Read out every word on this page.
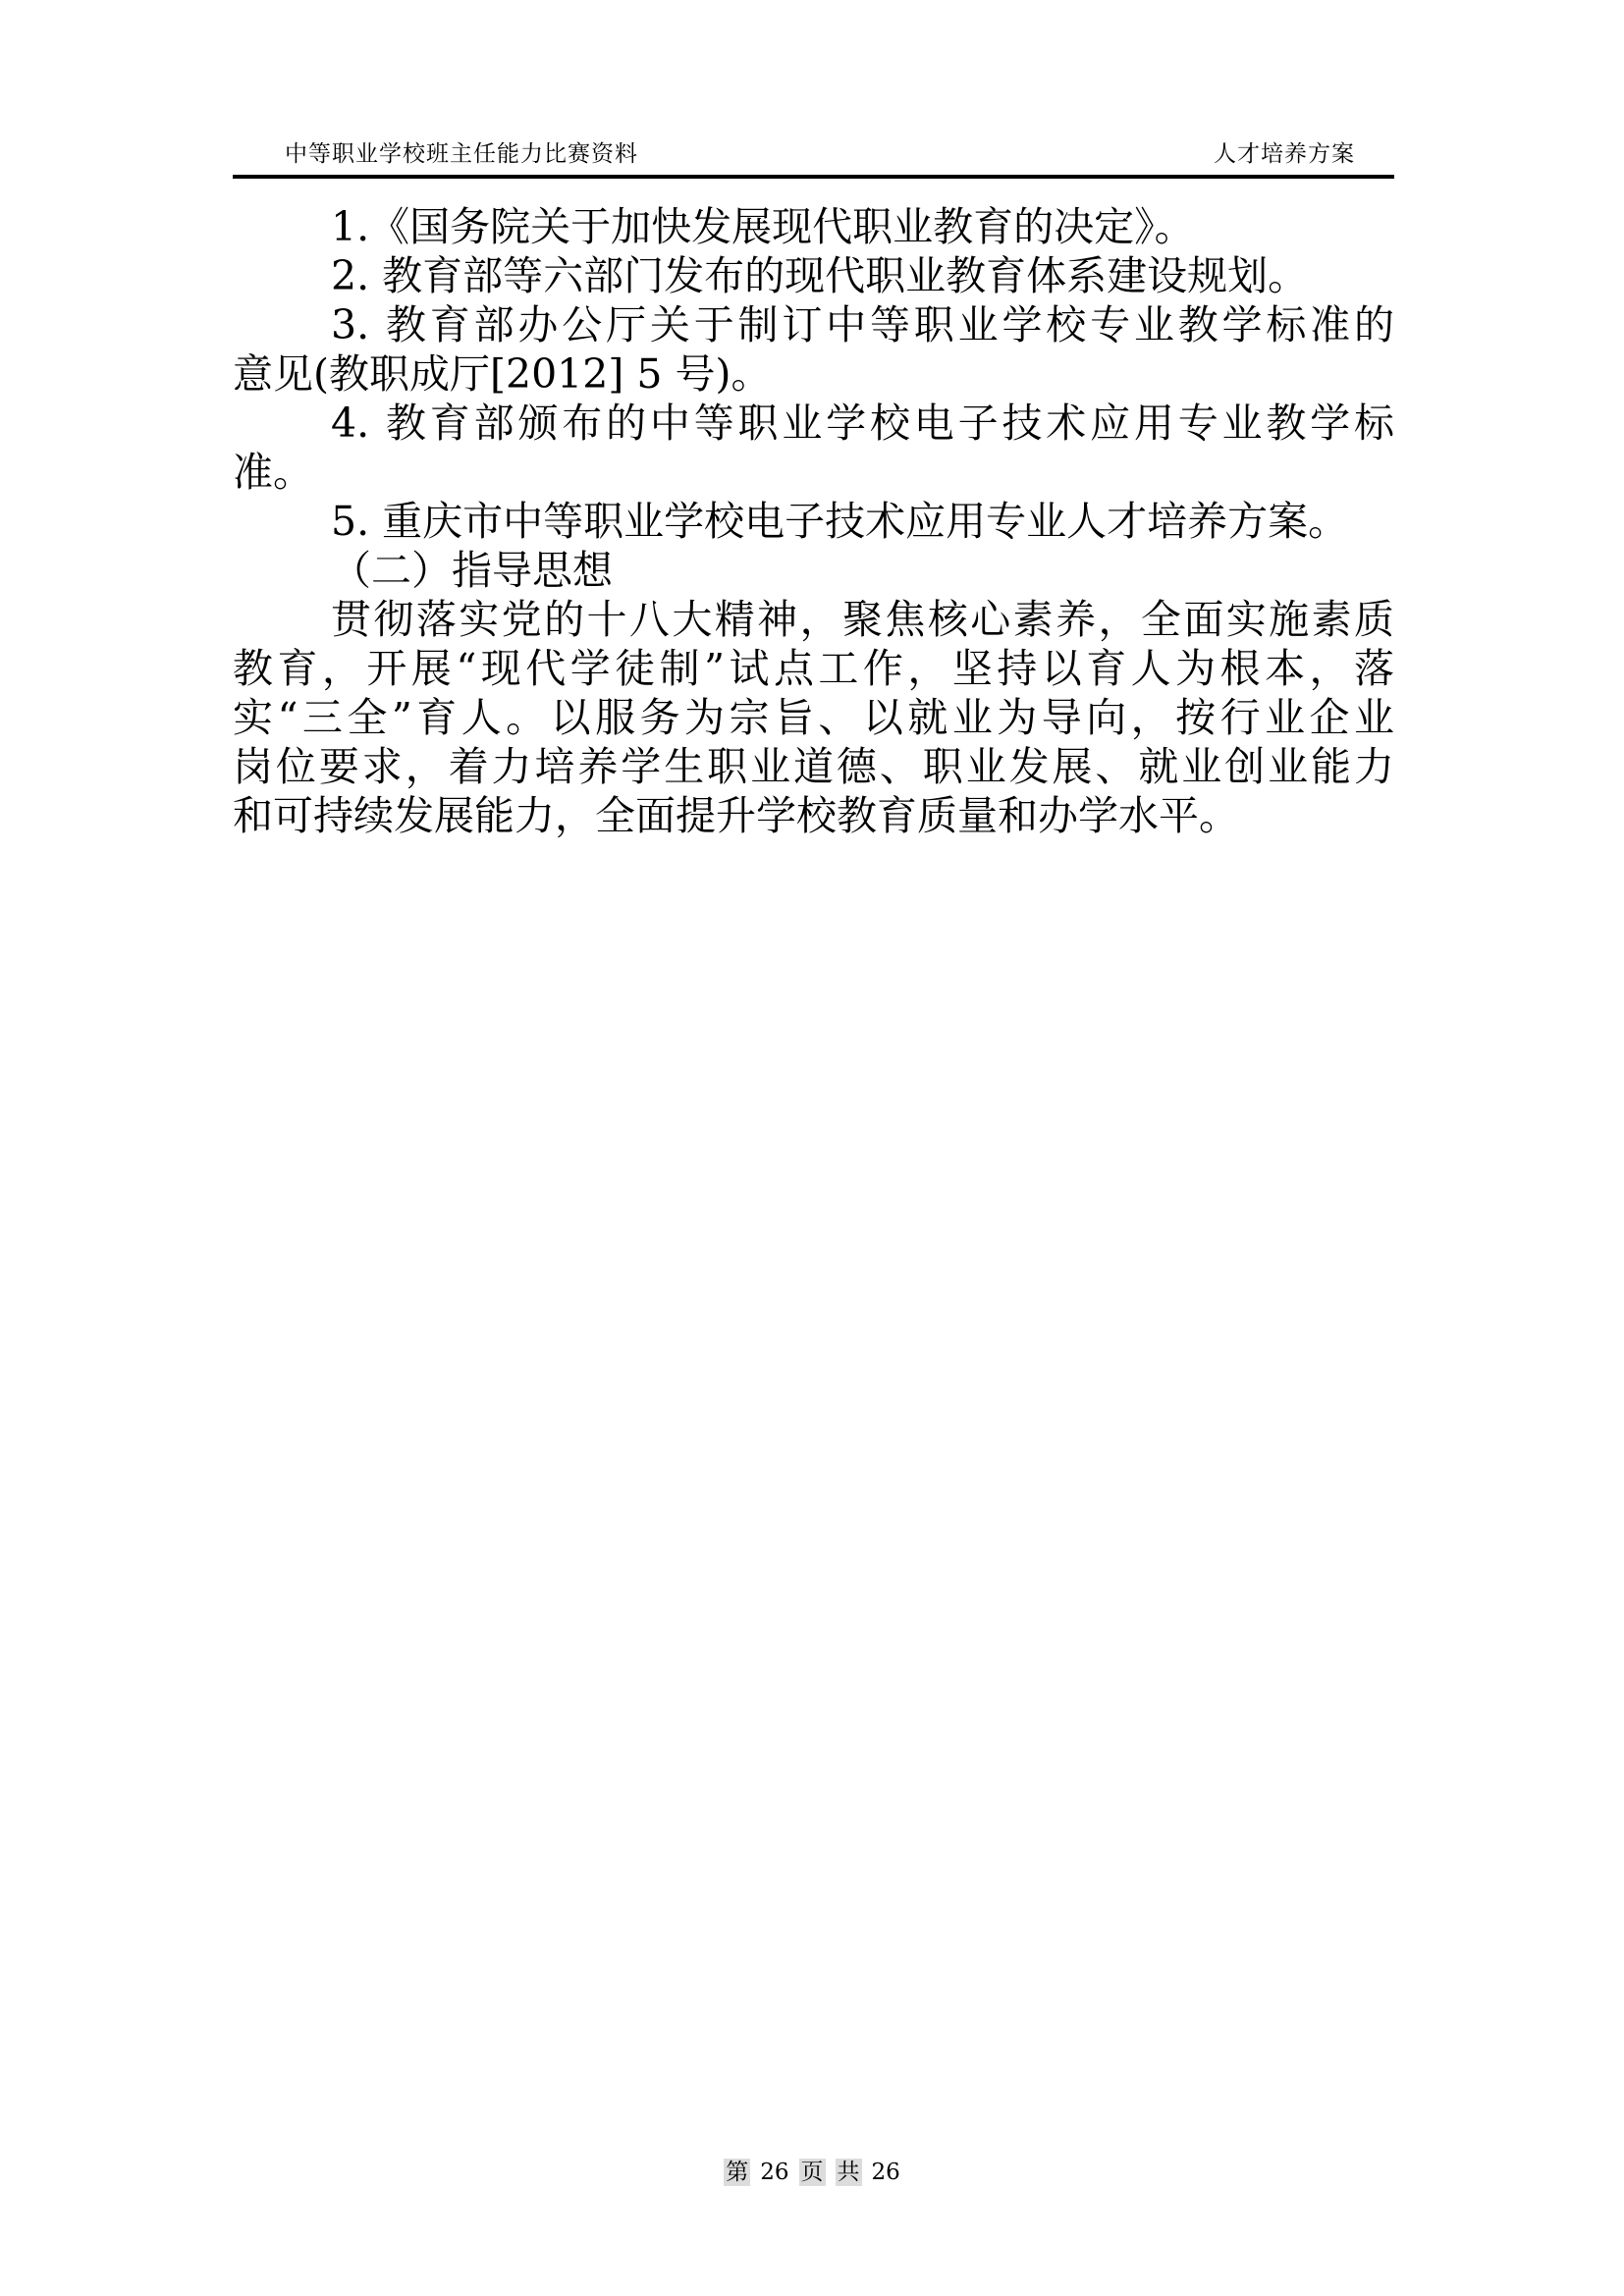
中等职业学校班主任能力比赛资料	人才培养方案
1.《国务院关于加快发展现代职业教育的决定》。
2. 教育部等六部门发布的现代职业教育体系建设规划。
3. 教育部办公厅关于制订中等职业学校专业教学标准的
意见(教职成厅[2012] 5 号)。
4. 教育部颁布的中等职业学校电子技术应用专业教学标
准。
5. 重庆市中等职业学校电子技术应用专业人才培养方案。
（二）指导思想
贯彻落实党的十八大精神，聚焦核心素养，全面实施素质
教育，开展“现代学徒制”试点工作，坚持以育人为根本，落
实“三全”育人。以服务为宗旨、以就业为导向，按行业企业
岗位要求，着力培养学生职业道德、职业发展、就业创业能力
和可持续发展能力，全面提升学校教育质量和办学水平。
第 26 页 共 26
